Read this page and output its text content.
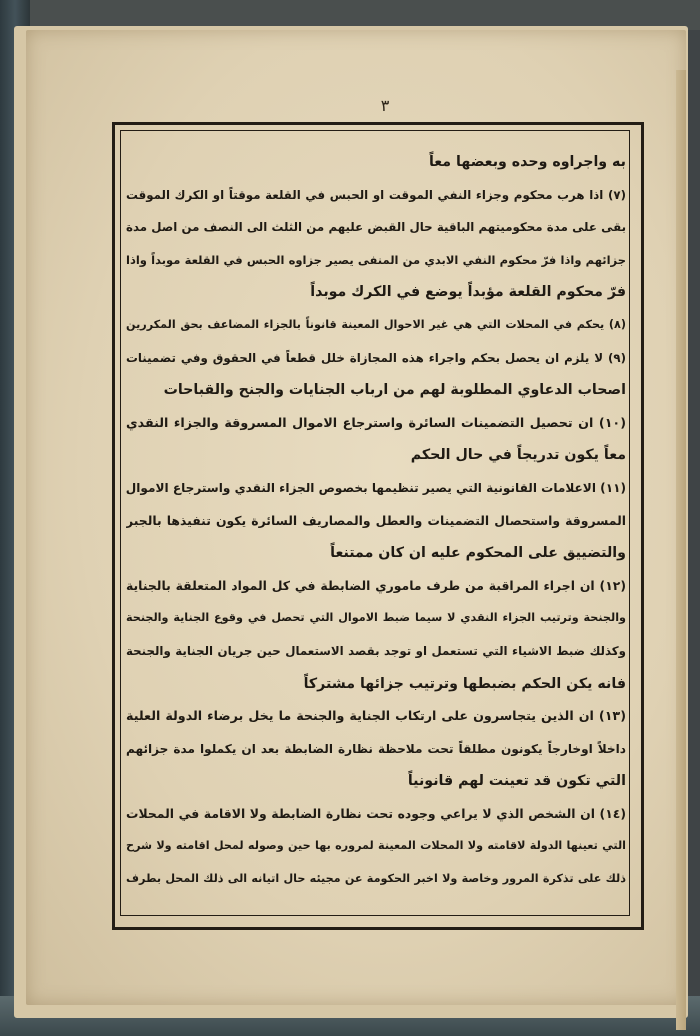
٣
به واجراوه وحده وبعضها معاً
(٧) اذا هرب محكوم وجزاء النفي الموقت او الحبس في القلعة موقتاً او الكرك الموقت
بقى على مدة محكوميتهم الباقية حال القبض عليهم من الثلث الى النصف من اصل مدة
جزائهم واذا فرّ محكوم النفي الابدي من المنفى يصير جزاوه الحبس في القلعة موبداً واذا
فرّ محكوم القلعة مؤبداً يوضع في الكرك موبداً
(٨) يحكم في المحلات التي هي غير الاحوال المعينة قانوناً بالجزاء المضاعف بحق المكررين
(٩) لا يلزم ان يحصل بحكم واجراء هذه المجازاة خلل قطعاً في الحقوق وفي تضمينات
اصحاب الدعاوي المطلوبة لهم من ارباب الجنايات والجنح والقباحات
(١٠) ان تحصيل التضمينات السائرة واسترجاع الاموال المسروقة والجزاء النقدي
معاً يكون تدريجاً في حال الحكم
(١١) الاعلامات القانونية التي يصير تنظيمها بخصوص الجزاء النقدي واسترجاع الاموال
المسروقة واستحصال التضمينات والعطل والمصاريف السائرة يكون تنفيذها بالجبر
والتضييق على المحكوم عليه ان كان ممتنعاً
(١٢) ان اجراء المراقبة من طرف ماموري الضابطة في كل المواد المتعلقة بالجناية
والجنحة وترتيب الجزاء النقدي لا سيما ضبط الاموال التي تحصل في وقوع الجناية والجنحة
وكذلك ضبط الاشياء التي تستعمل او توجد بقصد الاستعمال حين جريان الجناية والجنحة
فانه يكن الحكم بضبطها وترتيب جزائها مشتركاً
(١٣) ان الذين يتجاسرون على ارتكاب الجناية والجنحة ما يخل برضاء الدولة العلية
داخلاً اوخارجاً يكونون مطلقاً تحت ملاحظة نظارة الضابطة بعد ان يكملوا مدة جزائهم
التي تكون قد تعينت لهم قانونياً
(١٤) ان الشخص الذي لا يراعي وجوده تحت نظارة الضابطة ولا الاقامة في المحلات
التي تعينها الدولة لاقامته ولا المحلات المعينة لمروره بها حين وصوله لمحل اقامته ولا شرح
ذلك على تذكرة المرور وخاصة ولا اخبر الحكومة عن مجيئه حال اتيانه الى ذلك المحل بطرف
